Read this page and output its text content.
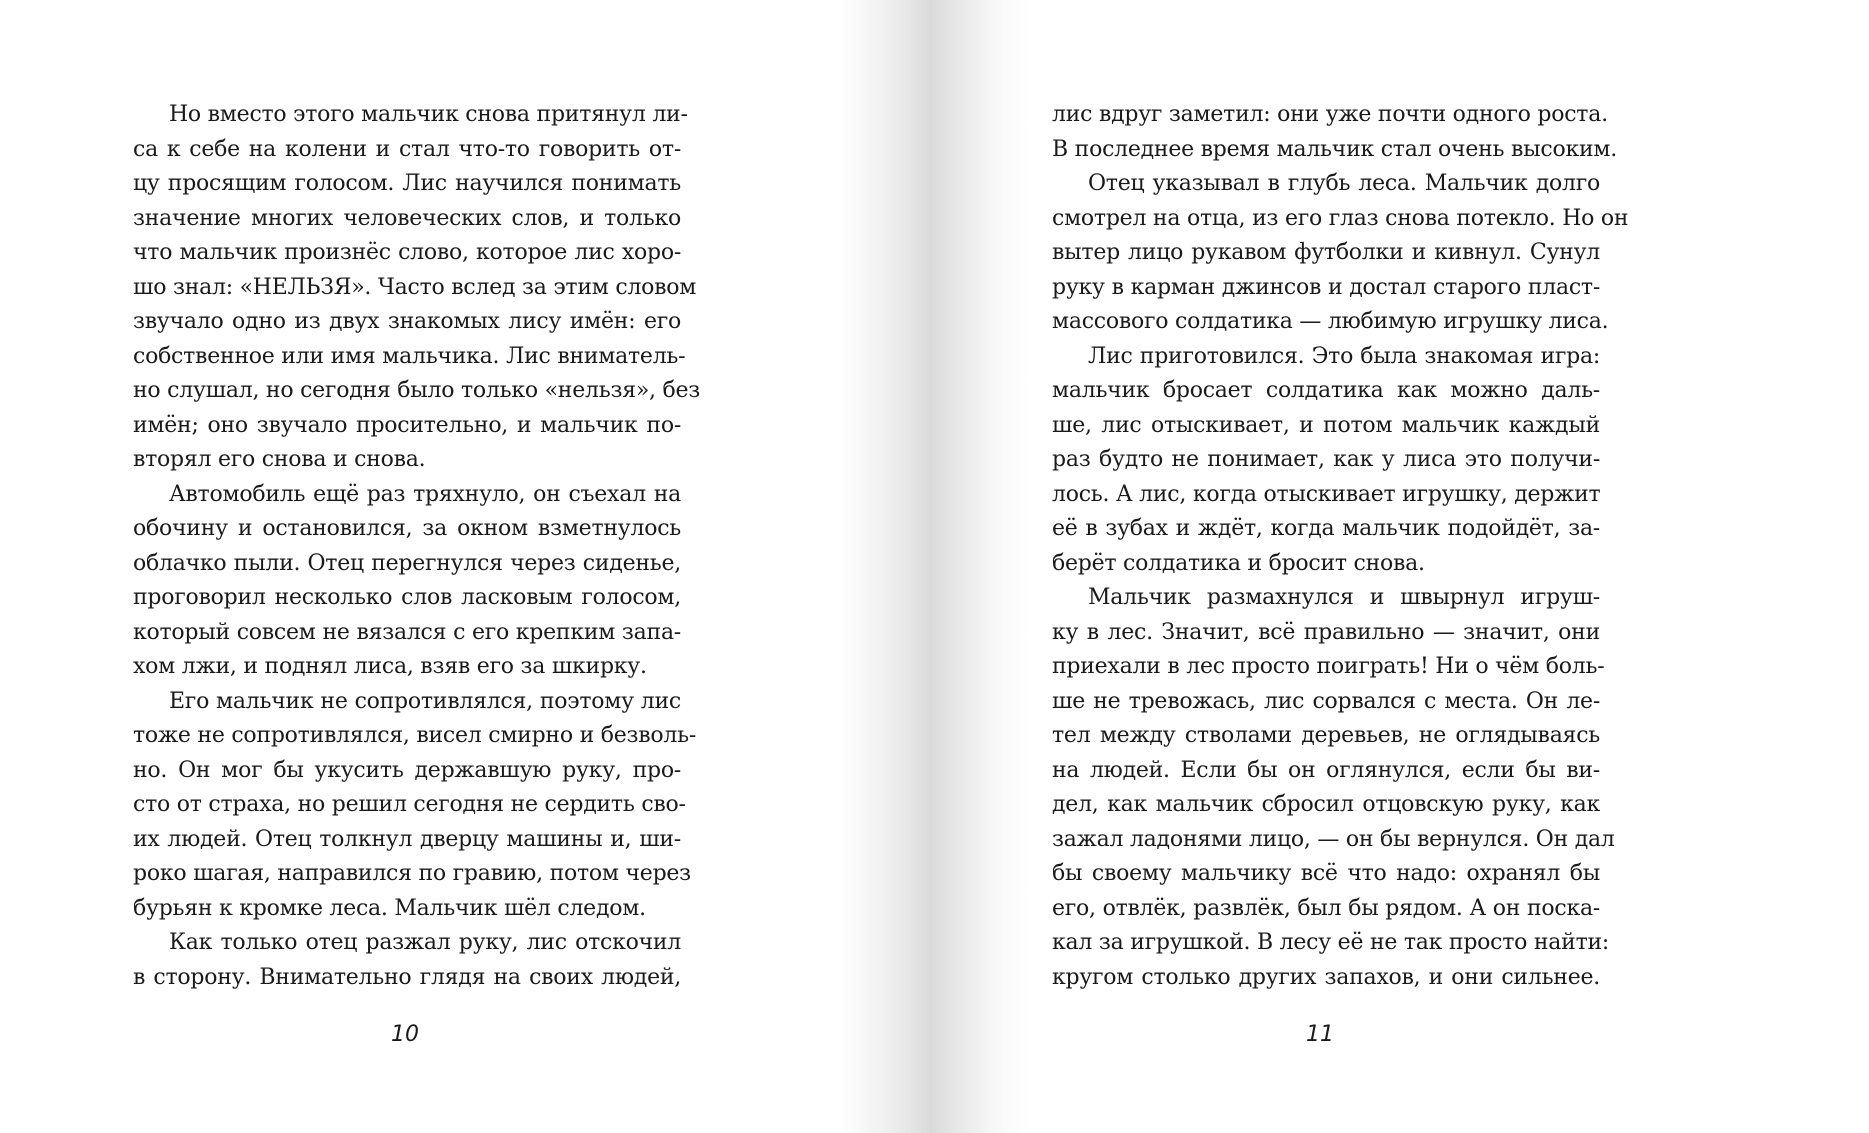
Но вместо этого мальчик снова притянул ли-
са к себе на колени и стал что-то говорить от-
цу просящим голосом. Лис научился понимать
значение многих человеческих слов, и только
что мальчик произнёс слово, которое лис хоро-
шо знал: «НЕЛЬЗЯ». Часто вслед за этим словом
звучало одно из двух знакомых лису имён: его
собственное или имя мальчика. Лис вниматель-
но слушал, но сегодня было только «нельзя», без
имён; оно звучало просительно, и мальчик по-
вторял его снова и снова.
Автомобиль ещё раз тряхнуло, он съехал на
обочину и остановился, за окном взметнулось
облачко пыли. Отец перегнулся через сиденье,
проговорил несколько слов ласковым голосом,
который совсем не вязался с его крепким запа-
хом лжи, и поднял лиса, взяв его за шкирку.
Его мальчик не сопротивлялся, поэтому лис
тоже не сопротивлялся, висел смирно и безволь-
но. Он мог бы укусить державшую руку, про-
сто от страха, но решил сегодня не сердить сво-
их людей. Отец толкнул дверцу машины и, ши-
роко шагая, направился по гравию, потом через
бурьян к кромке леса. Мальчик шёл следом.
Как только отец разжал руку, лис отскочил
в сторону. Внимательно глядя на своих людей,
10
лис вдруг заметил: они уже почти одного роста.
В последнее время мальчик стал очень высоким.
Отец указывал в глубь леса. Мальчик долго
смотрел на отца, из его глаз снова потекло. Но он
вытер лицо рукавом футболки и кивнул. Сунул
руку в карман джинсов и достал старого пласт-
массового солдатика — любимую игрушку лиса.
Лис приготовился. Это была знакомая игра:
мальчик бросает солдатика как можно даль-
ше, лис отыскивает, и потом мальчик каждый
раз будто не понимает, как у лиса это получи-
лось. А лис, когда отыскивает игрушку, держит
её в зубах и ждёт, когда мальчик подойдёт, за-
берёт солдатика и бросит снова.
Мальчик размахнулся и швырнул игруш-
ку в лес. Значит, всё правильно — значит, они
приехали в лес просто поиграть! Ни о чём боль-
ше не тревожась, лис сорвался с места. Он ле-
тел между стволами деревьев, не оглядываясь
на людей. Если бы он оглянулся, если бы ви-
дел, как мальчик сбросил отцовскую руку, как
зажал ладонями лицо, — он бы вернулся. Он дал
бы своему мальчику всё что надо: охранял бы
его, отвлёк, развлёк, был бы рядом. А он поска-
кал за игрушкой. В лесу её не так просто найти:
кругом столько других запахов, и они сильнее.
11
